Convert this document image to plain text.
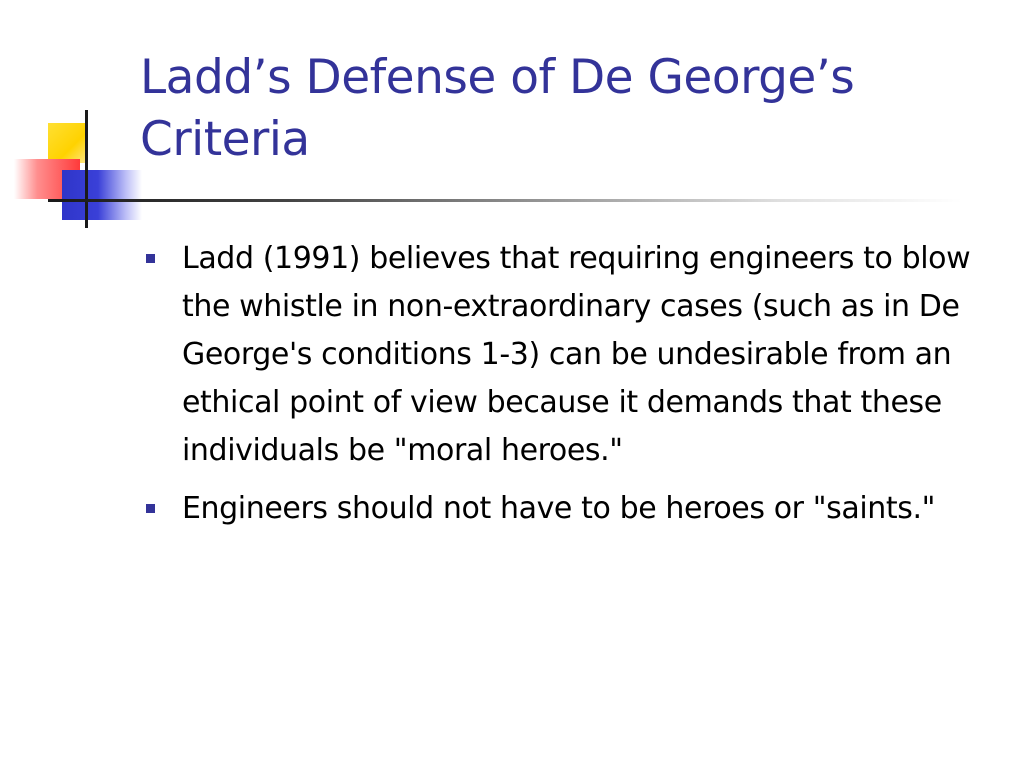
Ladd’s Defense of De George’s Criteria
Ladd (1991) believes that requiring engineers to blow the whistle in non-extraordinary cases (such as in De George's conditions 1-3) can be undesirable from an ethical point of view because it demands that these individuals be "moral heroes."
Engineers should not have to be heroes or "saints."
